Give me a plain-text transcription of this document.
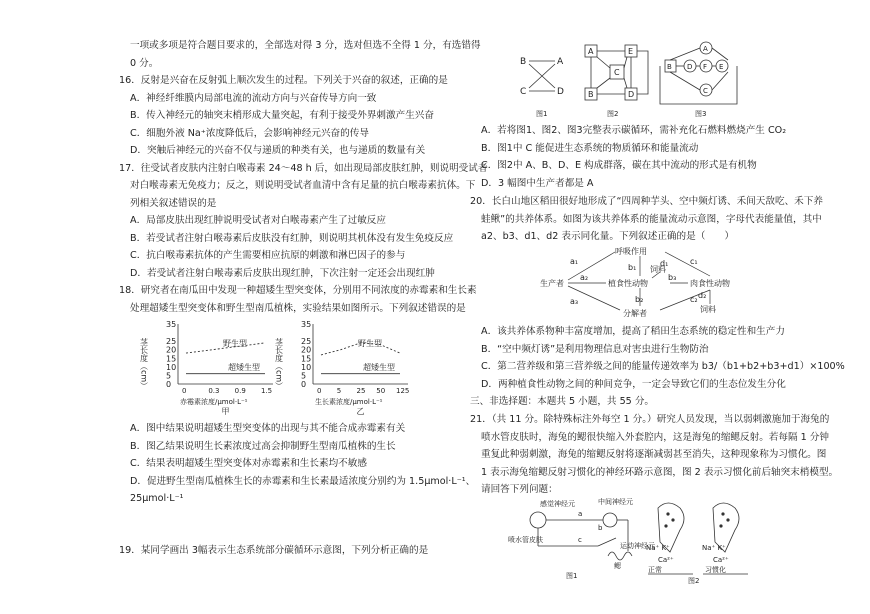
一项或多项是符合题目要求的，全部选对得 3 分，选对但选不全得 1 分，有选错得
0 分。
16．反射是兴奋在反射弧上顺次发生的过程。下列关于兴奋的叙述，正确的是
A．神经纤维膜内局部电流的流动方向与兴奋传导方向一致
B．传入神经元的轴突末梢形成大量突起，有利于接受外界刺激产生兴奋
C．细胞外液 Na⁺浓度降低后，会影响神经元兴奋的传导
D．突触后神经元的兴奋不仅与递质的种类有关，也与递质的数量有关
17．往受试者皮肤内注射白喉毒素 24～48 h 后，如出现局部皮肤红肿，则说明受试者
对白喉毒素无免疫力；反之，则说明受试者血清中含有足量的抗白喉毒素抗体。下
列相关叙述错误的是
A．局部皮肤出现红肿说明受试者对白喉毒素产生了过敏反应
B．若受试者注射白喉毒素后皮肤没有红肿，则说明其机体没有发生免疫反应
C．抗白喉毒素抗体的产生需要相应抗原的刺激和淋巴因子的参与
D．若受试者注射白喉毒素后皮肤出现红肿，下次注射一定还会出现红肿
18．研究者在南瓜田中发现一种超矮生型突变体，分别用不同浓度的赤霉素和生长素
处理超矮生型突变体和野生型南瓜植株，实验结果如图所示。下列叙述错误的是
35
25
20
15
10
5
0
0	0.3 0.9 1.5
茎长度（cm）
赤霉素浓度/μmol·L⁻¹
甲
野生型
超矮生型
35
25
20
15
10
5
0
0 5 25 50 125
茎长度（cm）
生长素浓度/μmol·L⁻¹
乙
野生型
超矮生型
A．图中结果说明超矮生型突变体的出现与其不能合成赤霉素有关
B．图乙结果说明生长素浓度过高会抑制野生型南瓜植株的生长
C．结果表明超矮生型突变体对赤霉素和生长素均不敏感
D．促进野生型南瓜植株生长的赤霉素和生长素最适浓度分别约为 1.5μmol·L⁻¹、
25μmol·L⁻¹
19．某同学画出 3幅表示生态系统部分碳循环示意图，下列分析正确的是
B	A
C	D
图1
A	E
C
B	D
图2
B D F E
A
C
图3
A．若将图1、图2、图3完整表示碳循环，需补充化石燃料燃烧产生 CO₂
B．图1中 C 能促进生态系统的物质循环和能量流动
C．图2中 A、B、D、E 构成群落，碳在其中流动的形式是有机物
D．3 幅图中生产者都是 A
20．长白山地区稻田很好地形成了“四周种芋头、空中频灯诱、禾间天敌吃、禾下养
蛙鳅”的共养体系。如图为该共养体系的能量流动示意图，字母代表能量值，其中
a2、b3、d1、d2 表示同化量。下列叙述正确的是（　　）
生产者
呼吸作用
植食性动物	肉食性动物
分解者
饲料
饲料
a₁
a₂
a₃
b₁
b₂
b₃
c₁
c₂
d₁
d₂
A．该共养体系物种丰富度增加，提高了稻田生态系统的稳定性和生产力
B．“空中频灯诱”是利用物理信息对害虫进行生物防治
C．第二营养级和第三营养级之间的能量传递效率为 b3/（b1+b2+b3+d1）×100%
D．两种植食性动物之间的种间竞争，一定会导致它们的生态位发生分化
三、非选择题：本题共 5 小题，共 55 分。
21．（共 11 分。除特殊标注外每空 1 分。）研究人员发现，当以弱刺激施加于海兔的
喷水管皮肤时，海兔的鳃很快缩入外套腔内，这是海兔的缩鳃反射。若每隔 1 分钟
重复此种弱刺激，海兔的缩鳃反射将逐渐减弱甚至消失，这种现象称为习惯化。图
1 表示海兔缩鳃反射习惯化的神经环路示意图，图 2 表示习惯化前后轴突末梢模型。
请回答下列问题：
感觉神经元	中间神经元
运动神经元
喷水管皮肤
鳃
a
b
c
Na⁺ K⁺	Na⁺ K⁺
Ca²⁺	Ca²⁺
正常	习惯化
图1
图2
